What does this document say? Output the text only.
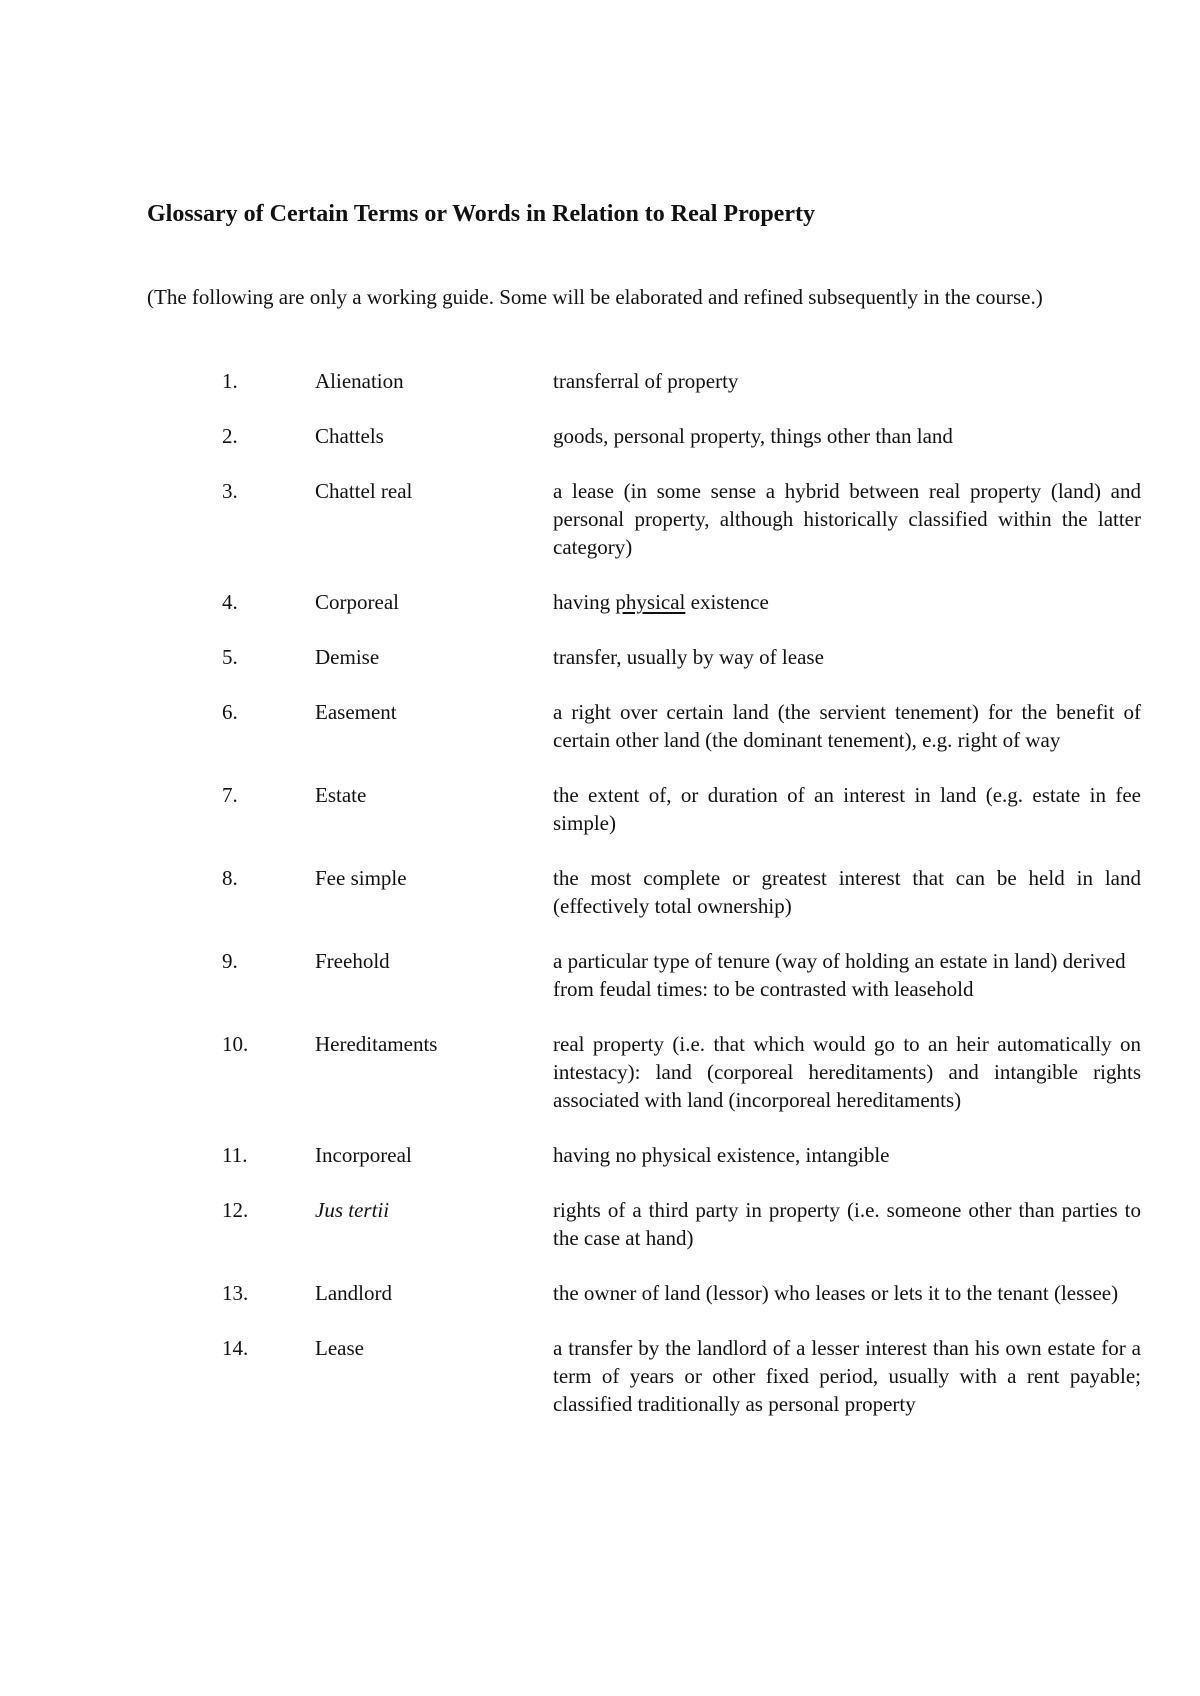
Glossary of Certain Terms or Words in Relation to Real Property

(The following are only a working guide. Some will be elaborated and refined subsequently in the course.)

1.	Alienation	transferral of property
2.	Chattels	goods, personal property, things other than land
3.	Chattel real	a lease (in some sense a hybrid between real property (land) and personal property, although historically classified within the latter category)
4.	Corporeal	having physical existence
5.	Demise	transfer, usually by way of lease
6.	Easement	a right over certain land (the servient tenement) for the benefit of certain other land (the dominant tenement), e.g. right of way
7.	Estate	the extent of, or duration of an interest in land (e.g. estate in fee simple)
8.	Fee simple	the most complete or greatest interest that can be held in land (effectively total ownership)
9.	Freehold	a particular type of tenure (way of holding an estate in land) derived from feudal times: to be contrasted with leasehold
10.	Hereditaments	real property (i.e. that which would go to an heir automatically on intestacy): land (corporeal hereditaments) and intangible rights associated with land (incorporeal hereditaments)
11.	Incorporeal	having no physical existence, intangible
12.	Jus tertii	rights of a third party in property (i.e. someone other than parties to the case at hand)
13.	Landlord	the owner of land (lessor) who leases or lets it to the tenant (lessee)
14.	Lease	a transfer by the landlord of a lesser interest than his own estate for a term of years or other fixed period, usually with a rent payable; classified traditionally as personal property
